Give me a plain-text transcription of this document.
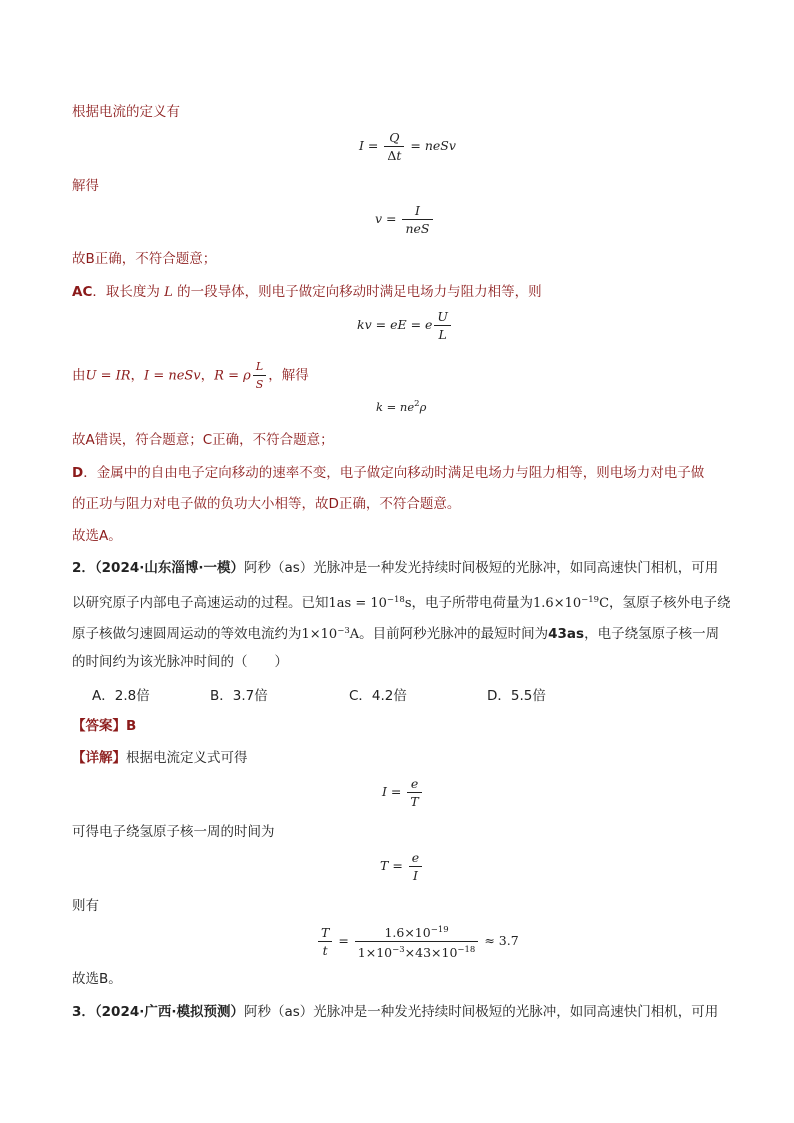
根据电流的定义有
$I = \frac{Q}{\Delta t}$ = neSv
解得
$v = \frac{I}{\text{neS}}$
故B正确，不符合题意；
AC．取长度为 L 的一段导体，则电子做定向移动时满足电场力与阻力相等，则
kv = eE = e $\frac{U}{L}$
由U = IR，I = neSv，R = ρ $\frac{L}{S}$ ，解得
$k = ne^2\rho$
故A错误，符合题意；C正确，不符合题意；
D．金属中的自由电子定向移动的速率不变，电子做定向移动时满足电场力与阻力相等，则电场力对电子做
的正功与阻力对电子做的负功大小相等，故D正确，不符合题意。
故选A。
2．（2024·山东淄博·一模）阿秒（as）光脉冲是一种发光持续时间极短的光脉冲，如同高速快门相机，可用
以研究原子内部电子高速运动的过程。已知$1as = 10^{-18}s$，电子所带电荷量为$1.6\times 10^{-19}C$，氢原子核外电子绕
原子核做匀速圆周运动的等效电流约为$1\times 10^{-3}A$。目前阿秒光脉冲的最短时间为43as，电子绕氢原子核一周
的时间约为该光脉冲时间的（　　）
A．2.8倍	B．3.7倍	C．4.2倍	D．5.5倍
【答案】B
【详解】根据电流定义式可得
$I = \frac{e}{T}$
可得电子绕氢原子核一周的时间为
$T = \frac{e}{I}$
则有
$\frac{T}{t} = \frac{1.6\times 10^{-19}}{1\times 10^{-3}\times 43\times 10^{-18}} \approx 3.7$
故选B。
3．（2024·广西·模拟预测）阿秒（as）光脉冲是一种发光持续时间极短的光脉冲，如同高速快门相机，可用
